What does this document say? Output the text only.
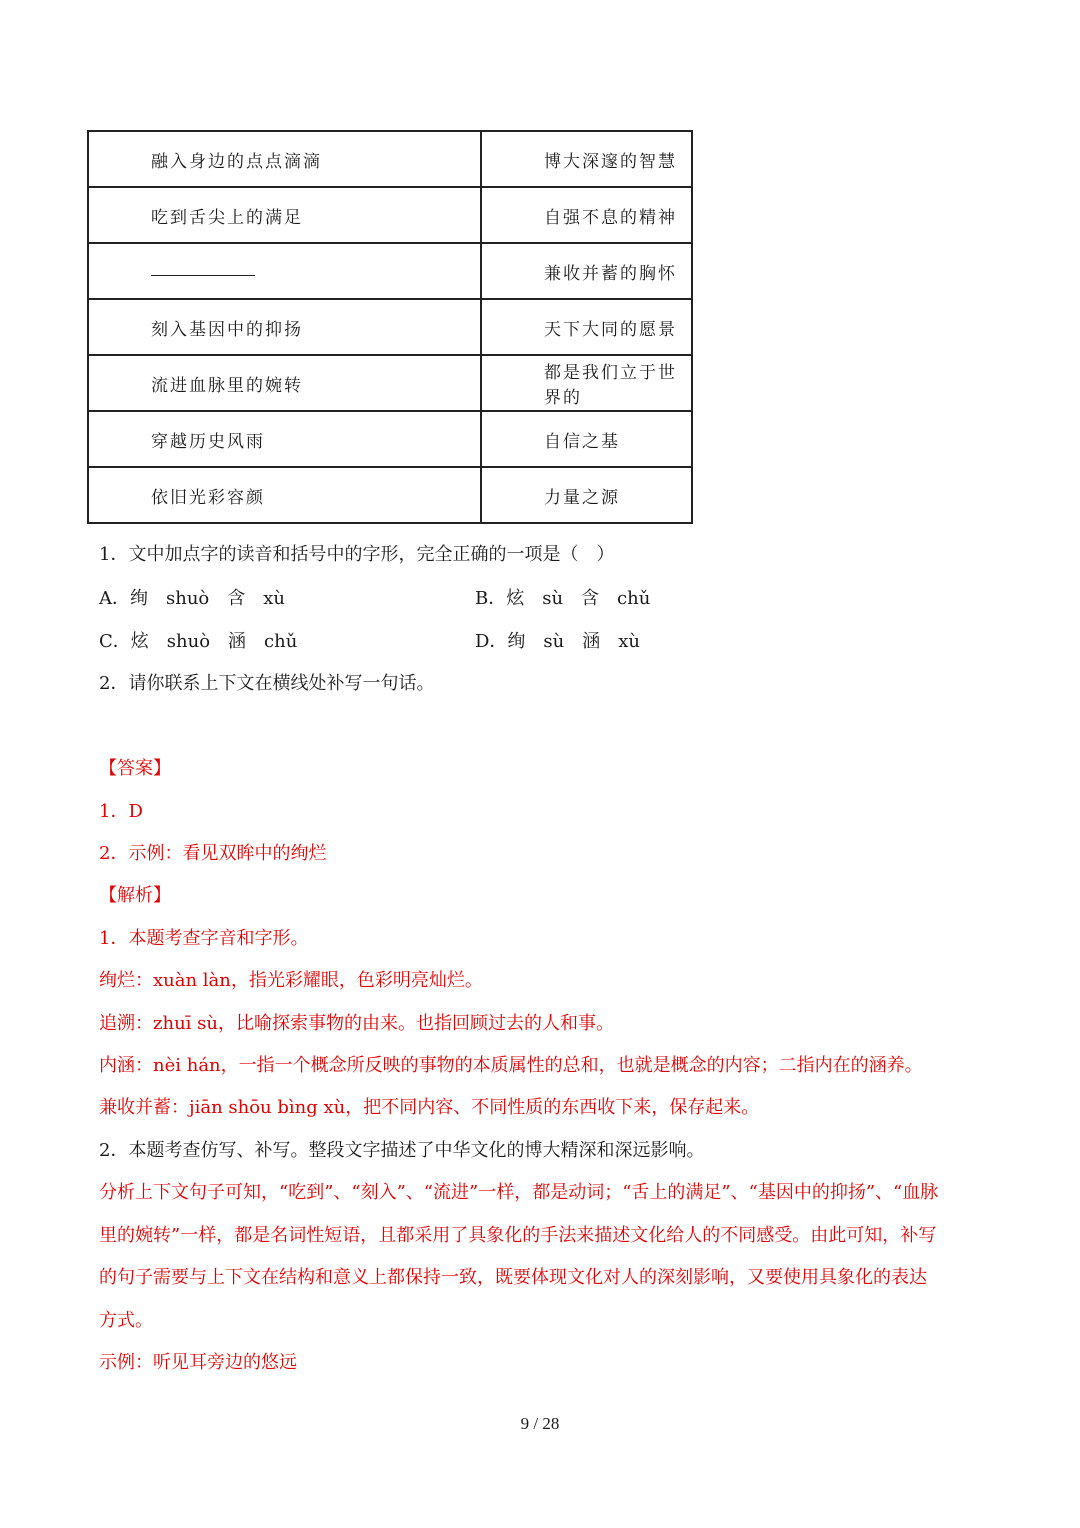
融入身边的点点滴滴	博大深邃的智慧
吃到舌尖上的满足	自强不息的精神
	兼收并蓄的胸怀
刻入基因中的抑扬	天下大同的愿景
流进血脉里的婉转	都是我们立于世界的
穿越历史风雨	自信之基
依旧光彩容颜	力量之源
1．文中加点字的读音和括号中的字形，完全正确的一项是（　）
A．绚　shuò　含　xù	B．炫　sù　含　chǔ
C．炫　shuò　涵　chǔ	D．绚　sù　涵　xù
2．请你联系上下文在横线处补写一句话。
【答案】
1．D
2．示例：看见双眸中的绚烂
【解析】
1．本题考查字音和字形。
绚烂：xuàn làn，指光彩耀眼，色彩明亮灿烂。
追溯：zhuī sù，比喻探索事物的由来。也指回顾过去的人和事。
内涵：nèi hán，一指一个概念所反映的事物的本质属性的总和，也就是概念的内容；二指内在的涵养。
兼收并蓄：jiān shōu bìng xù，把不同内容、不同性质的东西收下来，保存起来。
2．本题考查仿写、补写。整段文字描述了中华文化的博大精深和深远影响。
分析上下文句子可知，“吃到”、“刻入”、“流进”一样，都是动词；“舌上的满足”、“基因中的抑扬”、“血脉
里的婉转”一样，都是名词性短语，且都采用了具象化的手法来描述文化给人的不同感受。由此可知，补写
的句子需要与上下文在结构和意义上都保持一致，既要体现文化对人的深刻影响，又要使用具象化的表达
方式。
示例：听见耳旁边的悠远
9 / 28
